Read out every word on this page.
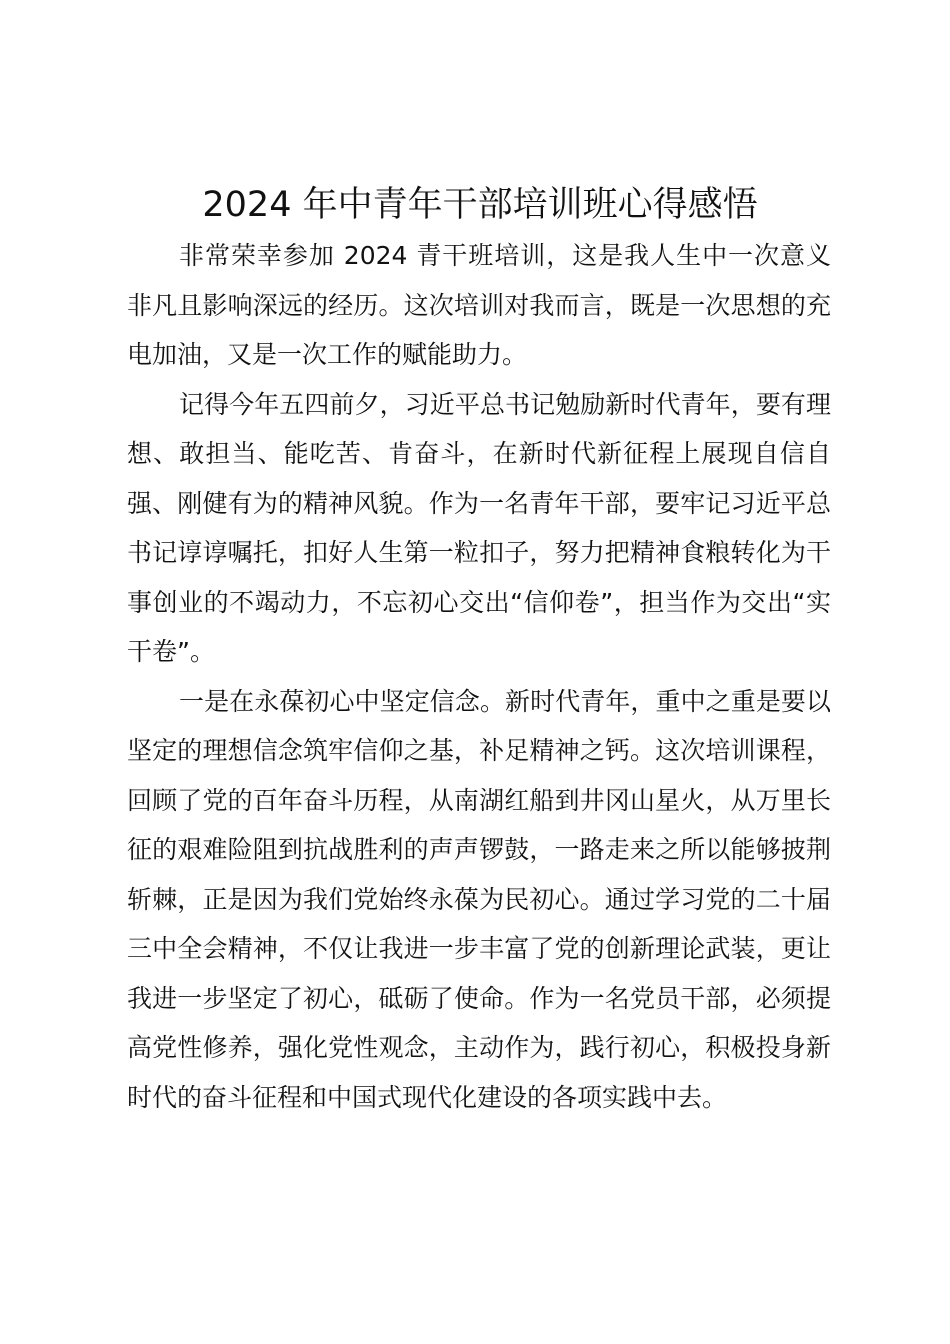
2024 年中青年干部培训班心得感悟

非常荣幸参加 2024 青干班培训，这是我人生中一次意义非凡且影响深远的经历。这次培训对我而言，既是一次思想的充电加油，又是一次工作的赋能助力。

记得今年五四前夕，习近平总书记勉励新时代青年，要有理想、敢担当、能吃苦、肯奋斗，在新时代新征程上展现自信自强、刚健有为的精神风貌。作为一名青年干部，要牢记习近平总书记谆谆嘱托，扣好人生第一粒扣子，努力把精神食粮转化为干事创业的不竭动力，不忘初心交出“信仰卷”，担当作为交出“实干卷”。

一是在永葆初心中坚定信念。新时代青年，重中之重是要以坚定的理想信念筑牢信仰之基，补足精神之钙。这次培训课程，回顾了党的百年奋斗历程，从南湖红船到井冈山星火，从万里长征的艰难险阻到抗战胜利的声声锣鼓，一路走来之所以能够披荆斩棘，正是因为我们党始终永葆为民初心。通过学习党的二十届三中全会精神，不仅让我进一步丰富了党的创新理论武装，更让我进一步坚定了初心，砥砺了使命。作为一名党员干部，必须提高党性修养，强化党性观念，主动作为，践行初心，积极投身新时代的奋斗征程和中国式现代化建设的各项实践中去。
